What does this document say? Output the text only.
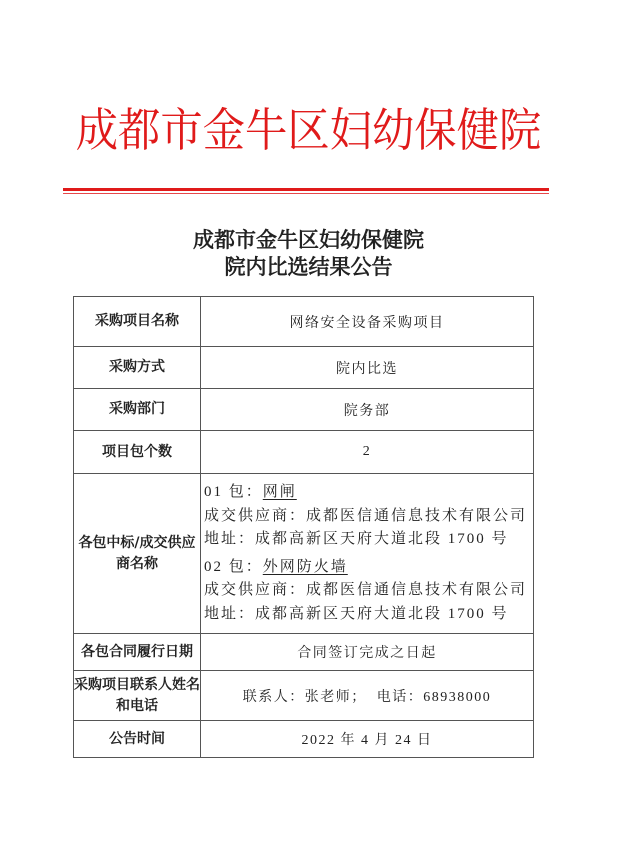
成都市金牛区妇幼保健院
成都市金牛区妇幼保健院
院内比选结果公告
采购项目名称	网络安全设备采购项目
采购方式	院内比选
采购部门	院务部
项目包个数	2
各包中标/成交供应商名称	
01 包：网闸
成交供应商：成都医信通信息技术有限公司
地址：成都高新区天府大道北段 1700 号
02 包：外网防火墙
成交供应商：成都医信通信息技术有限公司
地址：成都高新区天府大道北段 1700 号

各包合同履行日期	合同签订完成之日起
采购项目联系人姓名和电话	联系人：张老师；  电话：68938000
公告时间	2022 年 4 月 24 日
